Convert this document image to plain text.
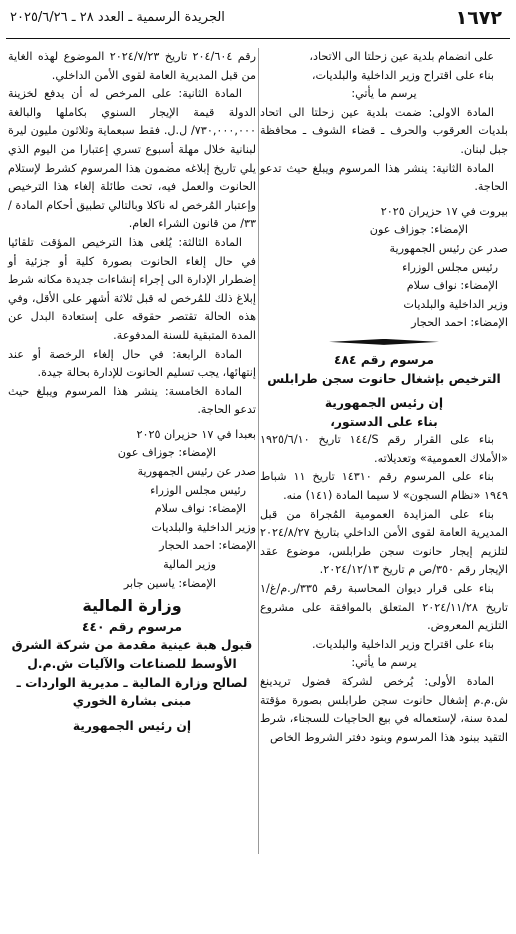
١٦٧٢
الجريدة الرسمية ـ العدد ٢٨ ـ ٢٠٢٥/٦/٢٦

على انضمام بلدية عين زحلتا الى الاتحاد،

بناء على اقتراح وزير الداخلية والبلديات،

يرسم ما يأتي:

المادة الاولى: ضمت بلدية عين زحلتا الى اتحاد بلديات العرقوب والحرف ـ قضاء الشوف ـ محافظة جبل لبنان.

المادة الثانية: ينشر هذا المرسوم ويبلغ حيث تدعو الحاجة.

بيروت في ١٧ حزيران ٢٠٢٥

الإمضاء: جوزاف عون

صدر عن رئيس الجمهورية

رئيس مجلس الوزراء

الإمضاء: نواف سلام

وزير الداخلية والبلديات

الإمضاء: احمد الحجار

مرسوم رقم ٤٨٤

الترخيص بإشغال حانوت سجن طرابلس

إن رئيس الجمهورية

بناء على الدستور،

بناء على القرار رقم S/١٤٤ تاريخ ١٩٢٥/٦/١٠ «الأملاك العمومية» وتعديلاته.

بناء على المرسوم رقم ١٤٣١٠ تاريخ ١١ شباط ١٩٤٩ «نظام السجون» لا سيما المادة (١٤١) منه.

بناء على المزايدة العمومية المُجراة من قبل المديرية العامة لقوى الأمن الداخلي بتاريخ ٢٠٢٤/٨/٢٧ لتلزيم إيجار حانوت سجن طرابلس، موضوع عقد الإيجار رقم ٣٥٠/ص م تاريخ ٢٠٢٤/١٢/١٣.

بناء على قرار ديوان المحاسبة رقم ٣٣٥/ر.م/غ/١ تاريخ ٢٠٢٤/١١/٢٨ المتعلق بالموافقة على مشروع التلزيم المعروض.

بناء على اقتراح وزير الداخلية والبلديات.

يرسم ما يأتي:

المادة الأولى: يُرخص لشركة فضول تريدينغ ش.م.م إشغال حانوت سجن طرابلس بصورة مؤقتة لمدة سنة، لإستعماله في بيع الحاجيات للسجناء، شرط التقيد ببنود هذا المرسوم وبنود دفتر الشروط الخاص

رقم ٢٠٤/٦٠٤ تاريخ ٢٠٢٤/٧/٢٣ الموضوع لهذه الغاية من قبل المديرية العامة لقوى الأمن الداخلي.

المادة الثانية: على المرخص له أن يدفع لخزينة الدولة قيمة الإيجار السنوي بكاملها والبالغة ٧٣٠,٠٠٠,٠٠٠/ ل.ل. فقط سبعماية وثلاثون مليون ليرة لبنانية خلال مهلة أسبوع تسري إعتبارا من اليوم الذي يلي تاريخ إبلاغه مضمون هذا المرسوم كشرط لإستلام الحانوت والعمل فيه، تحت طائلة إلغاء هذا الترخيص وإعتبار المُرخص له ناكلا وبالتالي تطبيق أحكام المادة /٣٣/ من قانون الشراء العام.

المادة الثالثة: يُلغى هذا الترخيص المؤقت تلقائيا في حال إلغاء الحانوت بصورة كلية أو جزئية أو إضطرار الإدارة الى إجراء إنشاءات جديدة مكانه شرط إبلاغ ذلك للمُرخص له قبل ثلاثة أشهر على الأقل، وفي هذه الحالة تقتصر حقوقه على إستعادة البدل عن المدة المتبقية للسنة المدفوعة.

المادة الرابعة: في حال إلغاء الرخصة أو عند إنتهائها، يجب تسليم الحانوت للإدارة بحالة جيدة.

المادة الخامسة: ينشر هذا المرسوم ويبلغ حيث تدعو الحاجة.

بعبدا في ١٧ حزيران ٢٠٢٥

الإمضاء: جوزاف عون

صدر عن رئيس الجمهورية

رئيس مجلس الوزراء

الإمضاء: نواف سلام

وزير الداخلية والبلديات

الإمضاء: احمد الحجار

وزير المالية

الإمضاء: ياسين جابر

وزارة المالية

مرسوم رقم ٤٤٠

قبول هبة عينية مقدمة من شركة الشرق الأوسط للصناعات والآليات ش.م.ل لصالح وزارة المالية ـ مديرية الواردات ـ مبنى بشارة الخوري

إن رئيس الجمهورية
